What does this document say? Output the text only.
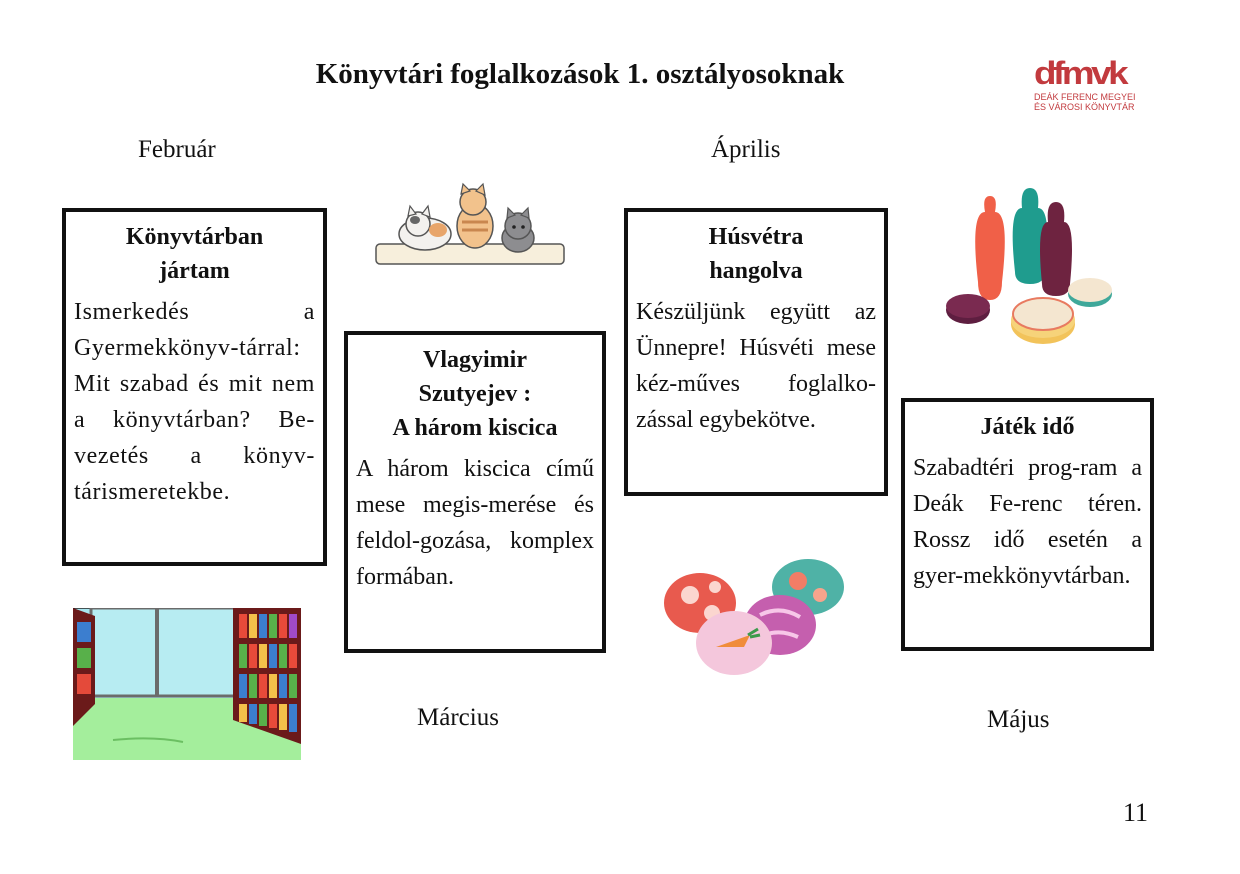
Könyvtári foglalkozások 1. osztályosoknak	dfmvk
DEÁK FERENC MEGYEI
ÉS VÁROSI KÖNYVTÁR
Február	Április
Március	Május
Könyvtárban
jártam

Ismerkedés a Gyermekkönyv-tárral: Mit szabad és mit nem a könyvtárban? Be-vezetés a könyv-tárismeretekbe.

Vlagyimir
Szutyejev :
A három kiscica

A három kiscica című mese megis-merése és feldol-gozása, komplex formában.

Húsvétra
hangolva

Készüljünk együtt az Ünnepre! Húsvéti mese kéz-műves foglalko-zással egybekötve.	Játék idő

Szabadtéri prog-ram a Deák Fe-renc téren. Rossz idő esetén a gyer-mekkönyvtárban.

11
